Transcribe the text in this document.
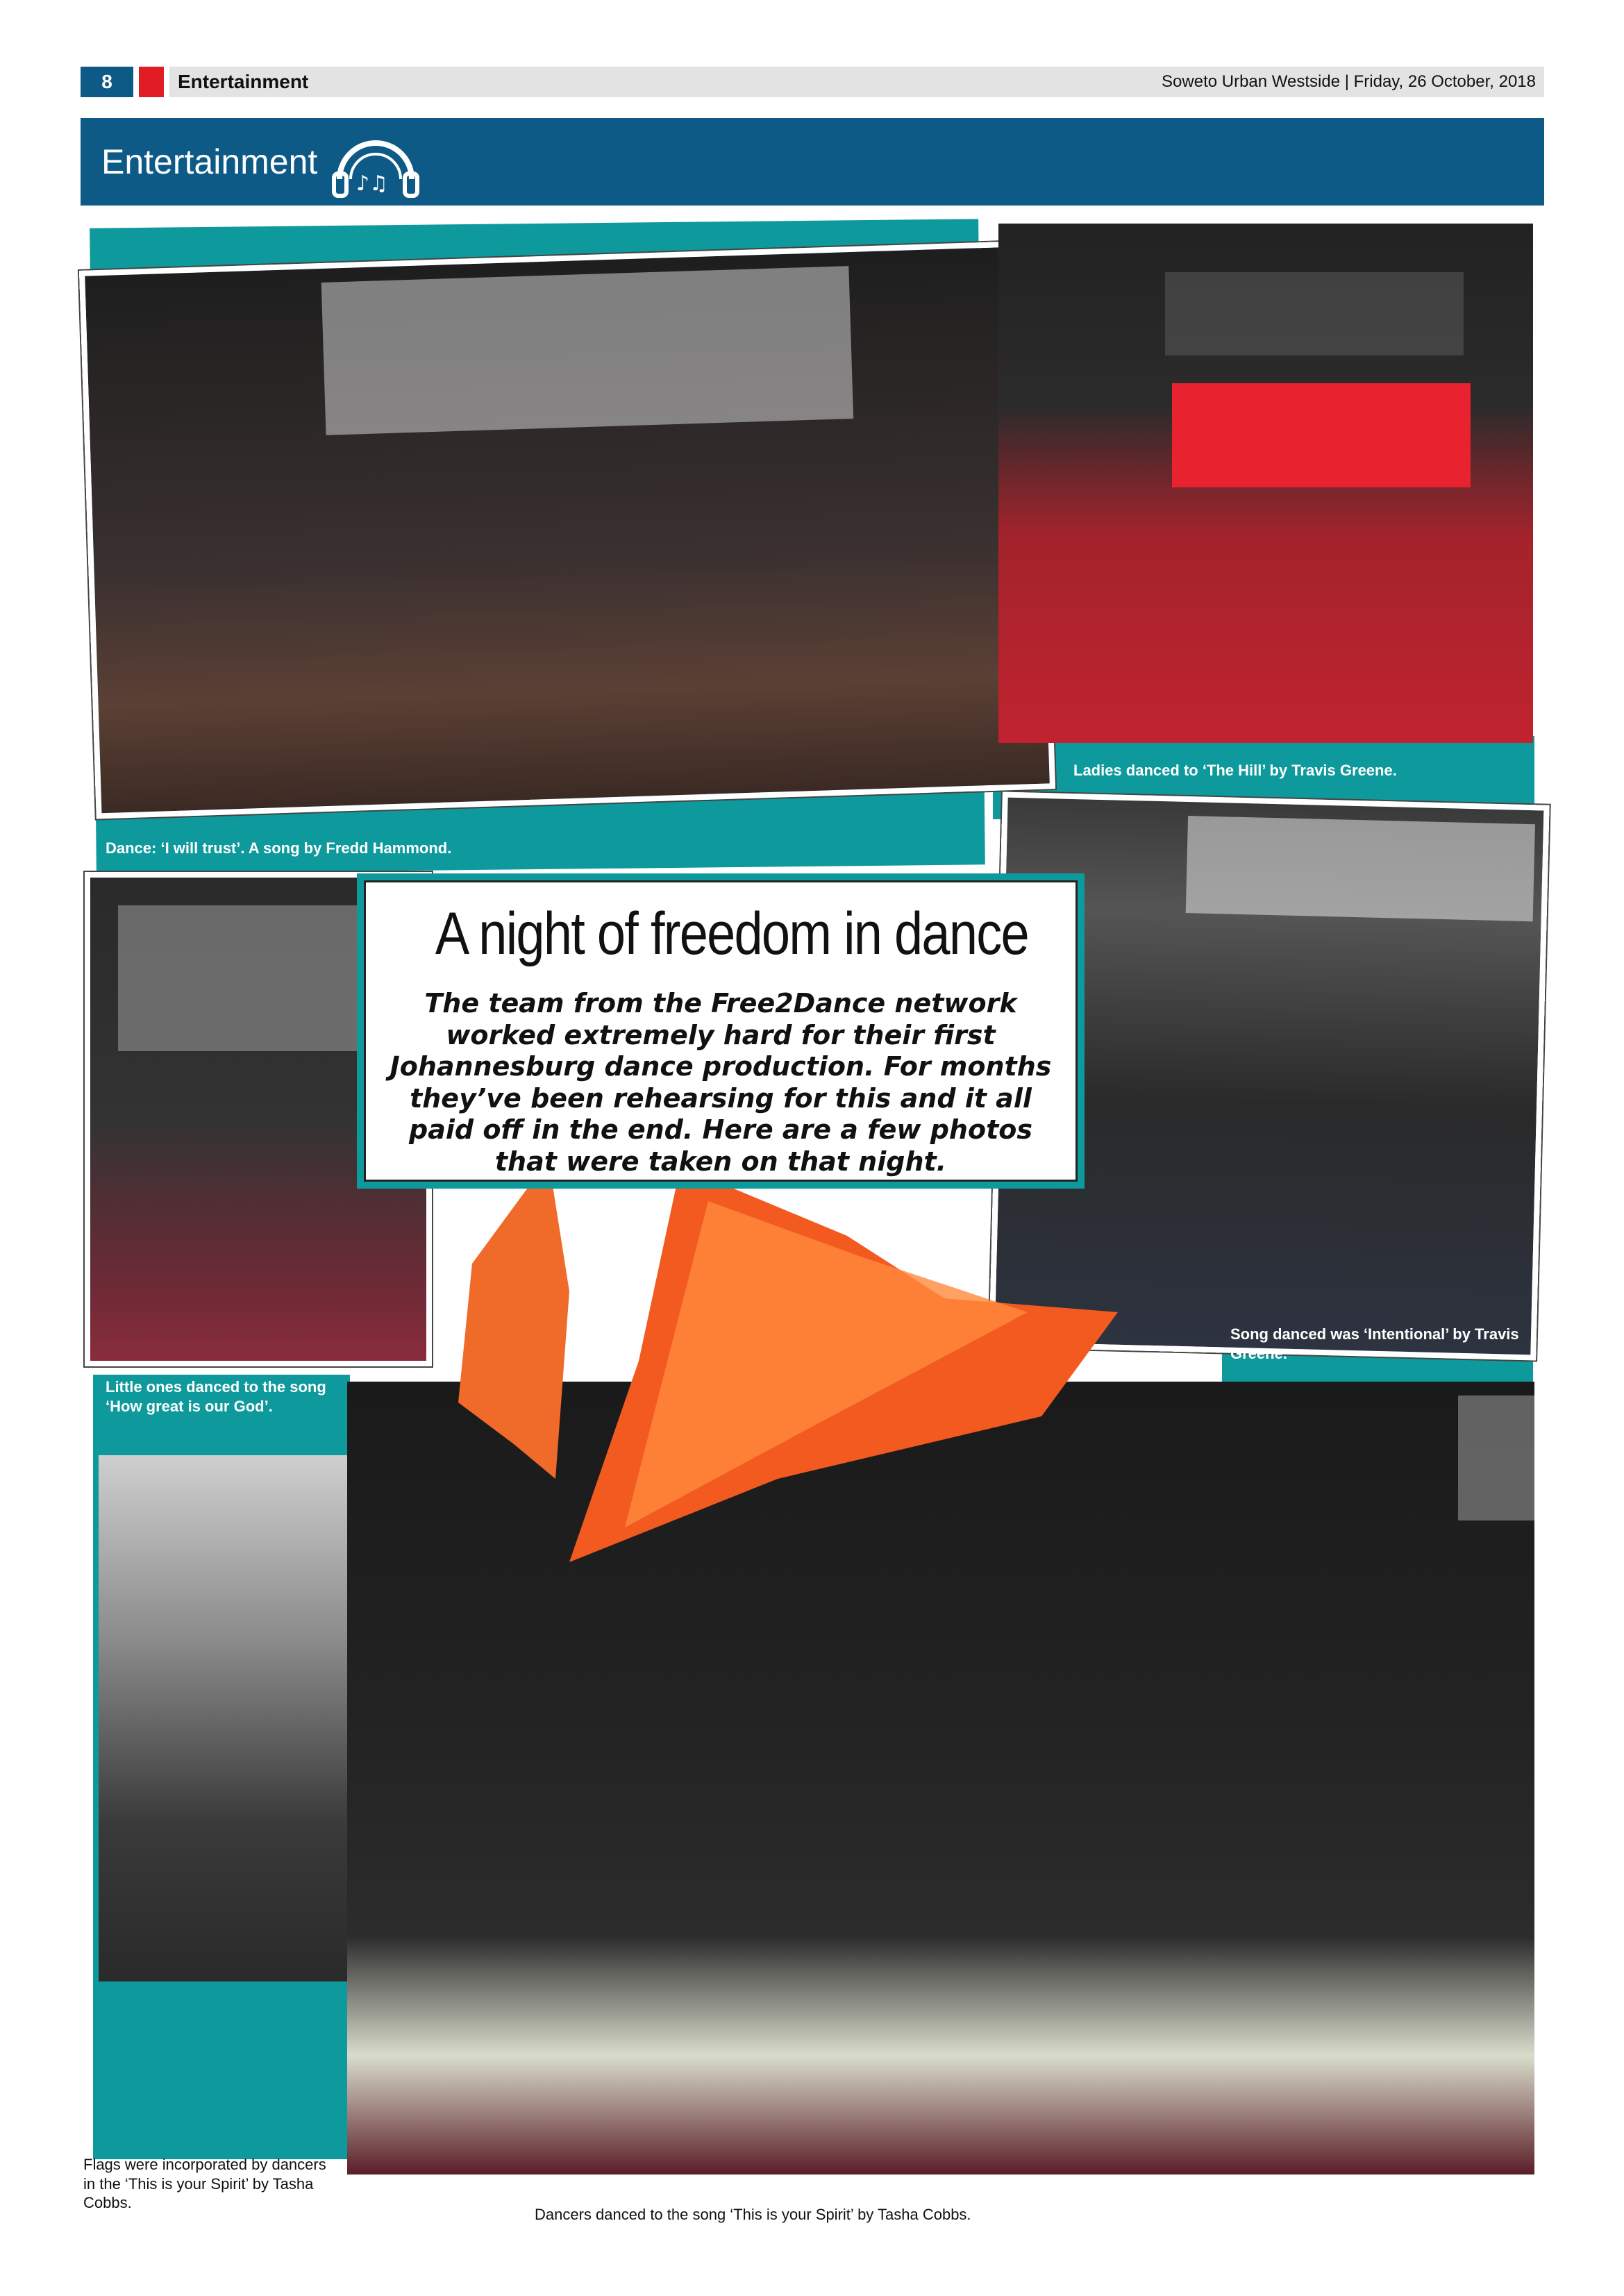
8	Entertainment	Soweto Urban Westside | Friday, 26 October, 2018
Entertainment
♪♫
Dance: ‘I will trust’. A song by Fredd Hammond.
Ladies danced to ‘The Hill’ by Travis Greene.
Little ones danced to the song ‘How great is our God’.
Song danced was ‘Intentional’ by Travis Greene.
A night of freedom in dance

The team from the Free2Dance network worked extremely hard for their first Johannesburg dance production. For months they’ve been rehearsing for this and it all paid off in the end. Here are a few photos that were taken on that night.

Flags were incorporated by dancers in the ‘This is your Spirit’ by Tasha Cobbs.
Dancers danced to the song ‘This is your Spirit’ by Tasha Cobbs.
